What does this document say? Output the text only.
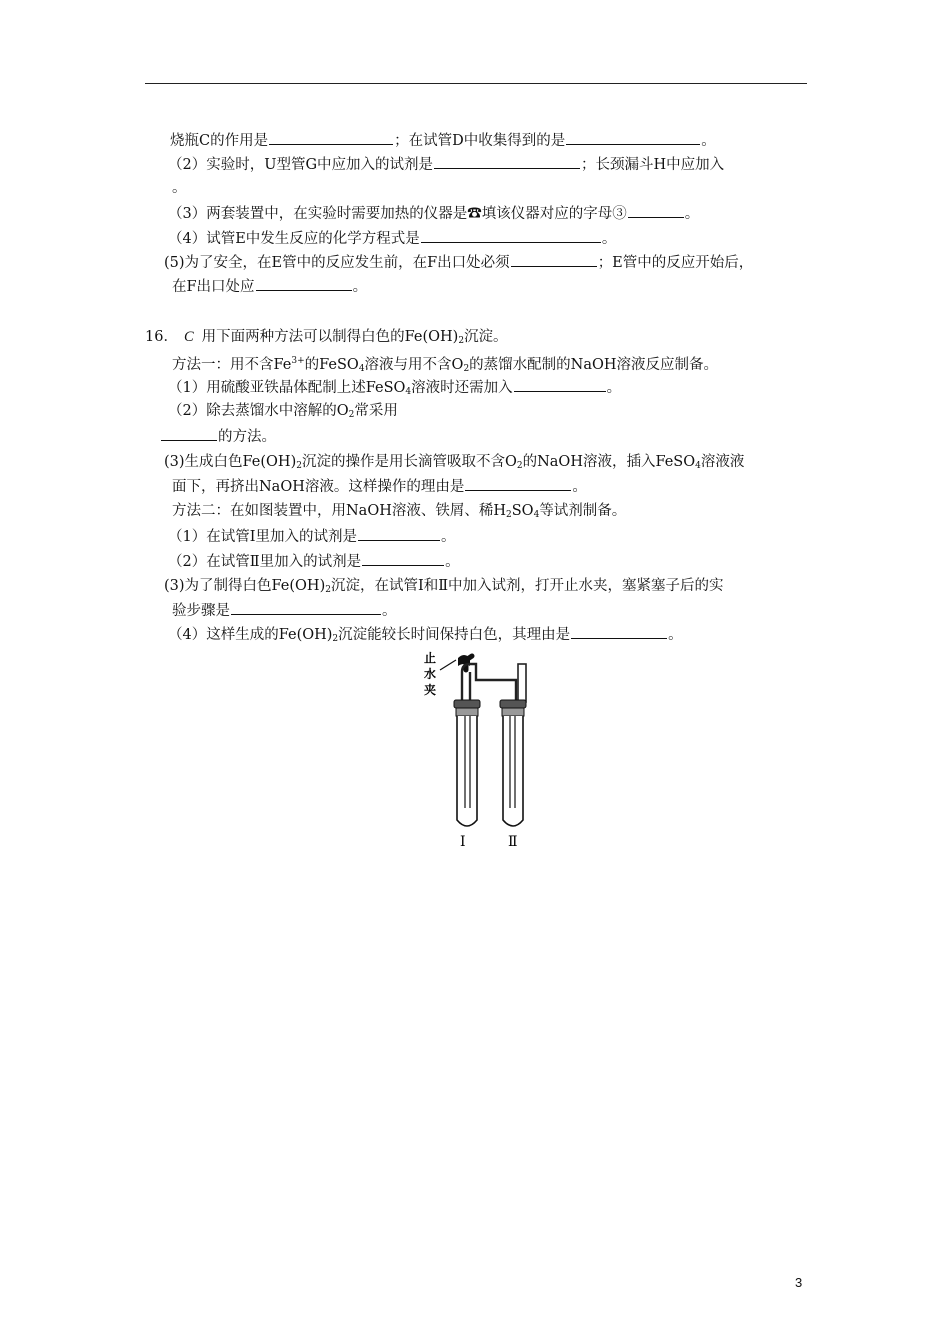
烧瓶C的作用是	；在试管D中收集得到的是	。
（2）实验时，U型管G中应加入的试剂是	；长颈漏斗H中应加入
。
（3）两套装置中，在实验时需要加热的仪器是☎填该仪器对应的字母➂	。
（4）试管E中发生反应的化学方程式是	。
(5)为了安全，在E管中的反应发生前，在F出口处必须	；E管中的反应开始后，
在F出口处应	。
16． C 用下面两种方法可以制得白色的$Fe(OH)_2$沉淀。
方法一：用不含$Fe^{3+}$的FeSO$_4$溶液与用不含$O_2$的蒸馏水配制的NaOH溶液反应制备。
（1）用硫酸亚铁晶体配制上述FeSO$_4$溶液时还需加入	。
（2）除去蒸馏水中溶解的$O_2$常采用
的方法。
(3)生成白色$Fe(OH)_2$沉淀的操作是用长滴管吸取不含$O_2$的NaOH溶液，插入FeSO$_4$溶液液
面下，再挤出NaOH溶液。这样操作的理由是	。
方法二：在如图装置中，用NaOH溶液、铁屑、稀$H_2SO_4$等试剂制备。
（1）在试管Ⅰ里加入的试剂是	。
（2）在试管Ⅱ里加入的试剂是	。
(3)为了制得白色$Fe(OH)_2$沉淀，在试管Ⅰ和Ⅱ中加入试剂，打开止水夹，塞紧塞子后的实
验步骤是	。
（4）这样生成的$Fe(OH)_2$沉淀能较长时间保持白色，其理由是	。
止
水
夹
Ⅰ	Ⅱ
3
